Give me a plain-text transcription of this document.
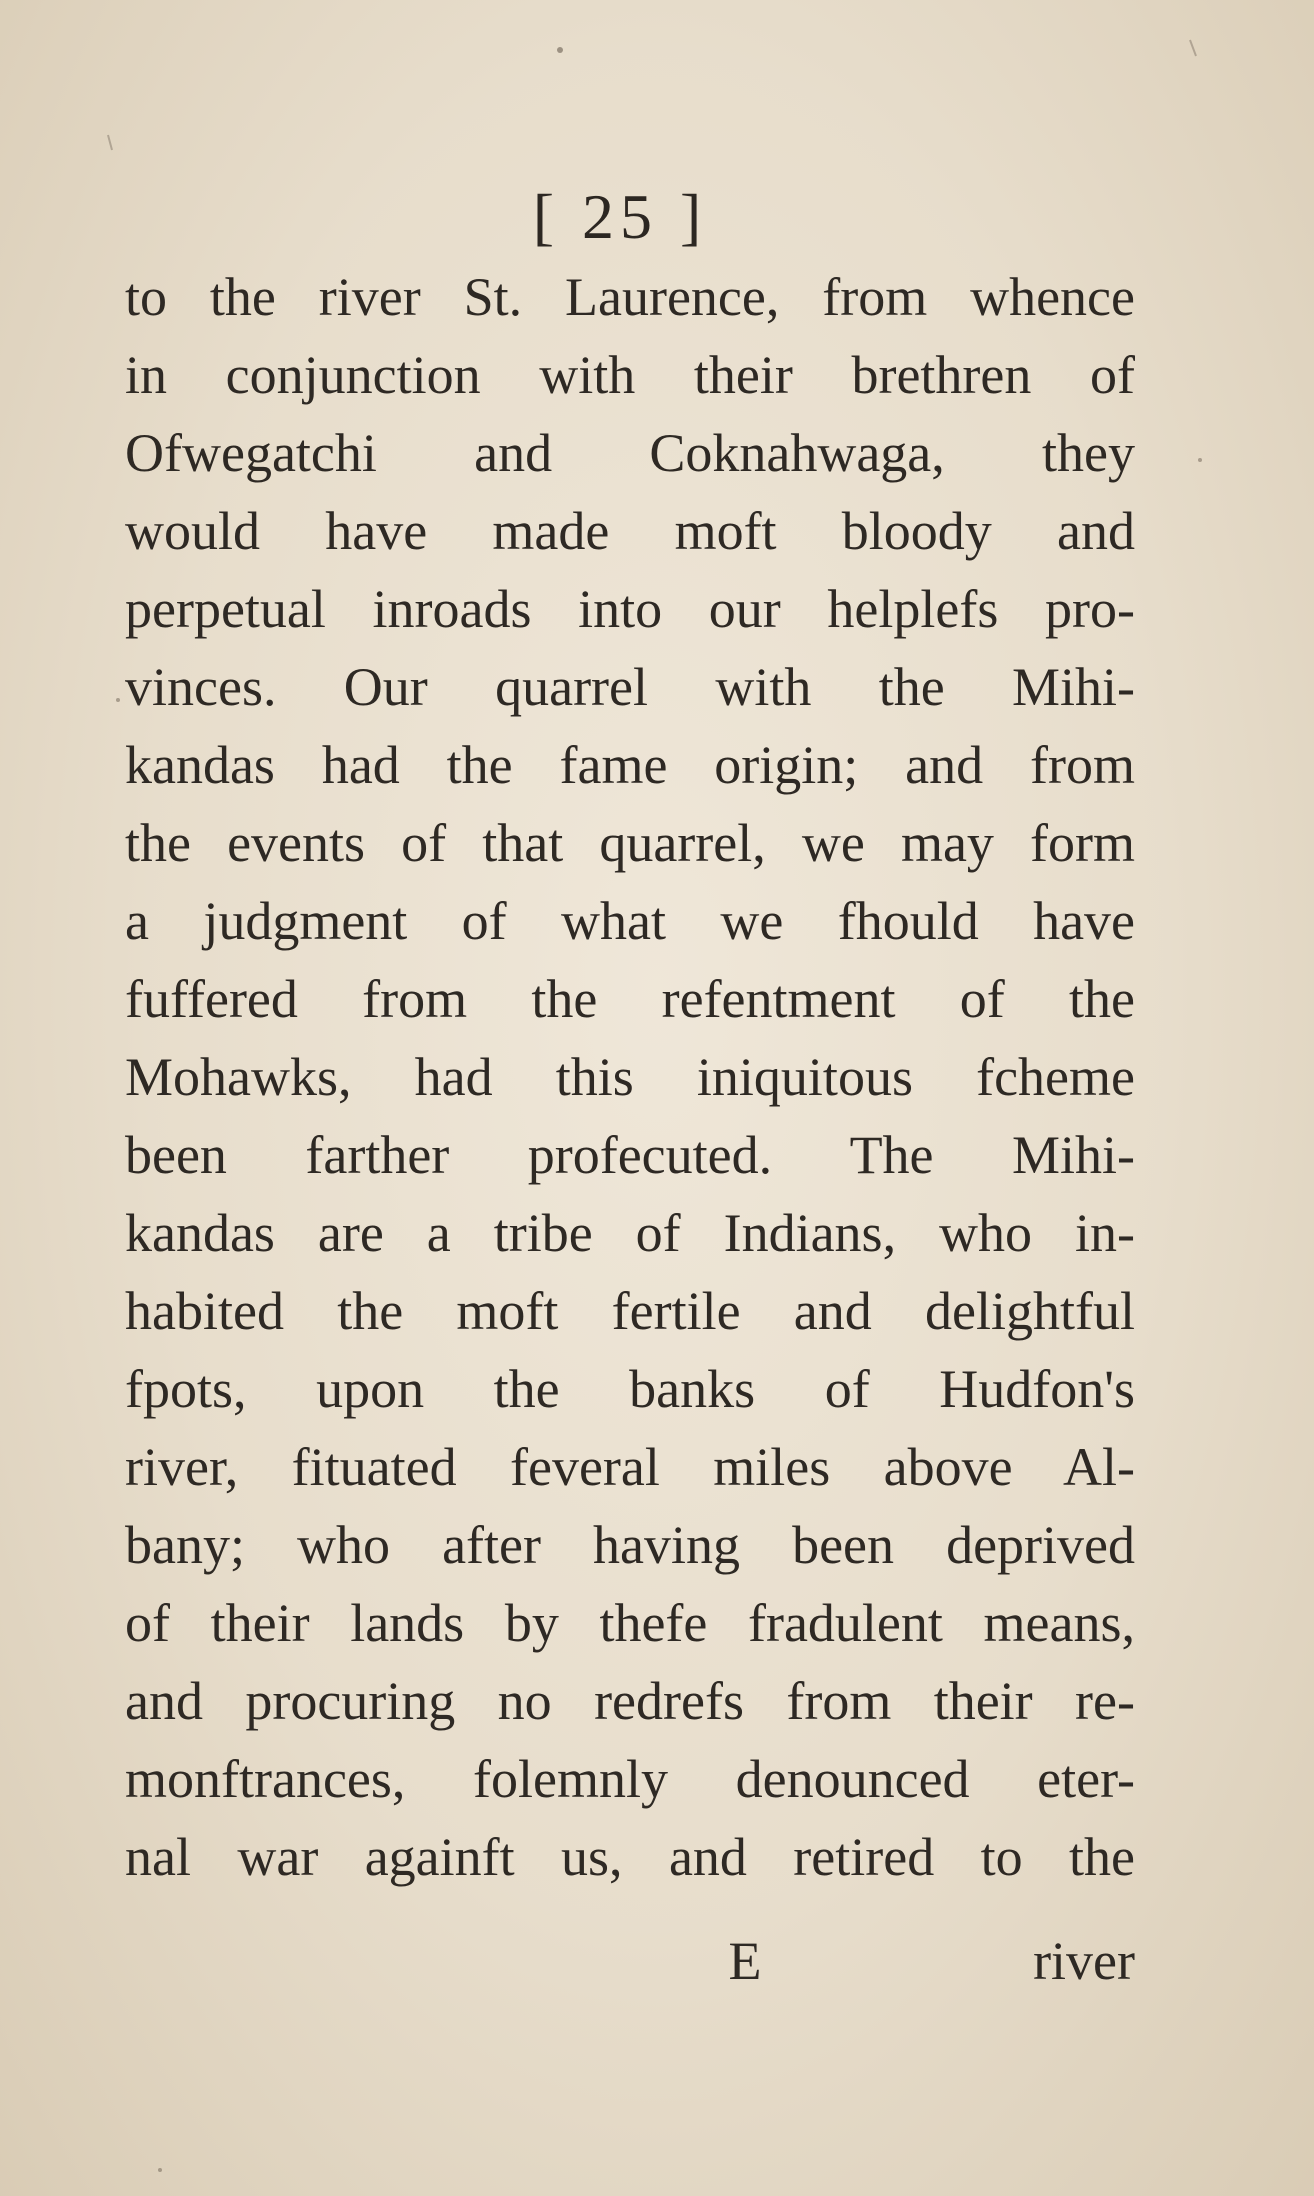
[ 25 ]
to the river St. Laurence, from whence
in conjunction with their brethren of
Ofwegatchi and Coknahwaga, they
would have made moft bloody and
perpetual inroads into our helplefs pro-
vinces. Our quarrel with the Mihi-
kandas had the fame origin; and from
the events of that quarrel, we may form
a judgment of what we fhould have
fuffered from the refentment of the
Mohawks, had this iniquitous fcheme
been farther profecuted. The Mihi-
kandas are a tribe of Indians, who in-
habited the moft fertile and delightful
fpots, upon the banks of Hudfon's
river, fituated feveral miles above Al-
bany; who after having been deprived
of their lands by thefe fradulent means,
and procuring no redrefs from their re-
monftrances, folemnly denounced eter-
nal war againft us, and retired to the
E	river
